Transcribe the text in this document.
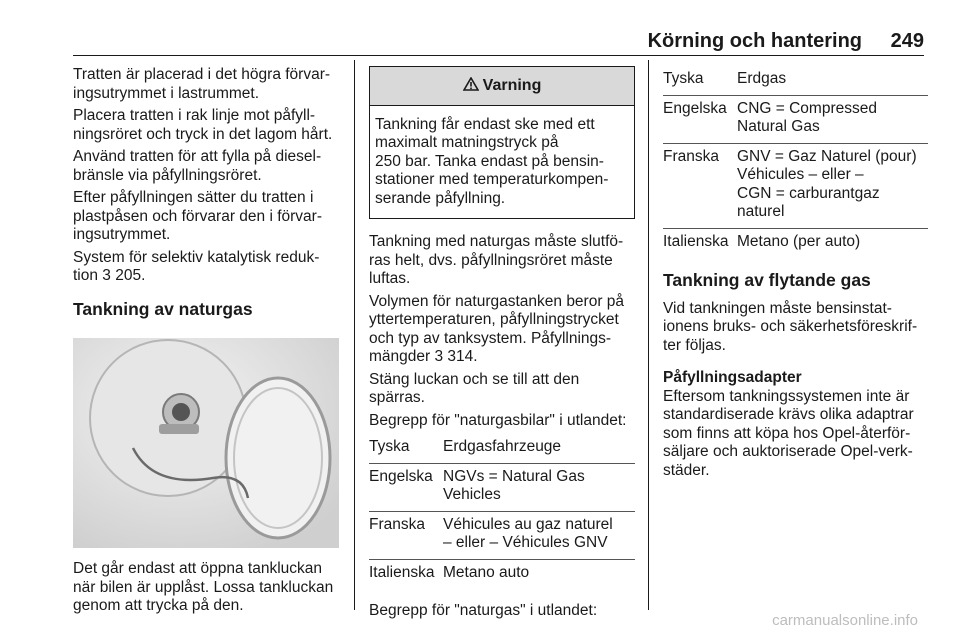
Körning och hantering 249

Tratten är placerad i det högra förvar-
ingsutrymmet i lastrummet.

Placera tratten i rak linje mot påfyll-
ningsröret och tryck in det lagom hårt.

Använd tratten för att fylla på diesel-
bränsle via påfyllningsröret.

Efter påfyllningen sätter du tratten i
plastpåsen och förvarar den i förvar-
ingsutrymmet.

System för selektiv katalytisk reduk-
tion 3 205.

Tankning av naturgas

Det går endast att öppna tankluckan
när bilen är upplåst. Lossa tankluckan
genom att trycka på den.

Varning
Tankning får endast ske med ett
maximalt matningstryck på
250 bar. Tanka endast på bensin-
stationer med temperaturkompen-
serande påfyllning.

Tankning med naturgas måste slutfö-
ras helt, dvs. påfyllningsröret måste
luftas.

Volymen för naturgastanken beror på
yttertemperaturen, påfyllningstrycket
och typ av tanksystem. Påfyllnings-
mängder 3 314.

Stäng luckan och se till att den
spärras.

Begrepp för "naturgasbilar" i utlandet:

Tyska	Erdgasfahrzeuge

Engelska	NGVs = Natural Gas
Vehicles

Franska	Véhicules au gaz naturel
– eller – Véhicules GNV

Italienska	Metano auto

Begrepp för "naturgas" i utlandet:

Tyska	Erdgas

Engelska	CNG = Compressed
Natural Gas

Franska	GNV = Gaz Naturel (pour)
Véhicules – eller –
CGN = carburantgaz
naturel

Italienska	Metano (per auto)
Tankning av flytande gas

Vid tankningen måste bensinstat-
ionens bruks- och säkerhetsföreskrif-
ter följas.

Påfyllningsadapter

Eftersom tankningssystemen inte är
standardiserade krävs olika adaptrar
som finns att köpa hos Opel-återför-
säljare och auktoriserade Opel-verk-
städer.

carmanualsonline.info
